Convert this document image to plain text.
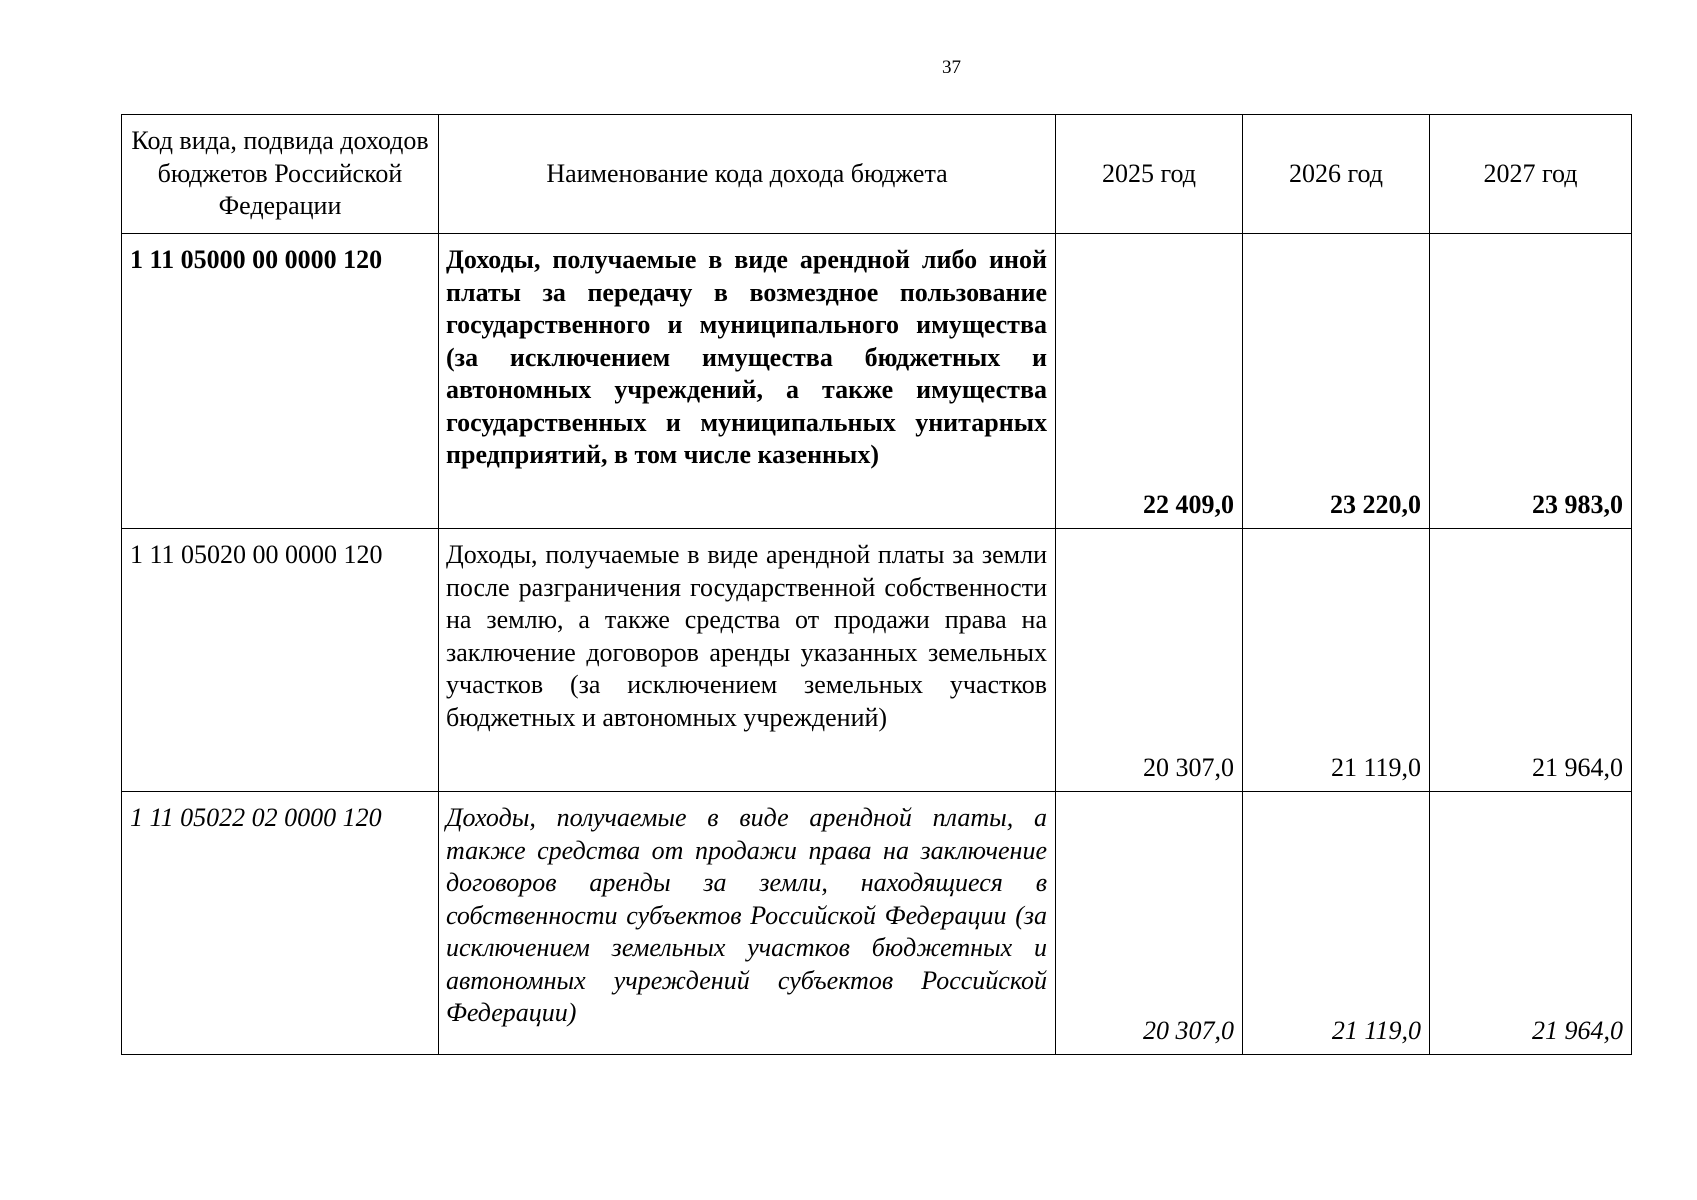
37
Код вида, подвида доходов бюджетов Российской Федерации	Наименование кода дохода бюджета	2025 год	2026 год	2027 год
1 11 05000 00 0000 120	Доходы, получаемые в виде арендной либо иной платы за передачу в возмездное пользование государственного и муниципального имущества (за исключением имущества бюджетных и автономных учреждений, а также имущества государственных и муниципальных унитарных предприятий, в том числе казенных)	22 409,0	23 220,0	23 983,0
1 11 05020 00 0000 120	Доходы, получаемые в виде арендной платы за земли после разграничения государственной собственности на землю, а также средства от продажи права на заключение договоров аренды указанных земельных участков (за исключением земельных участков бюджетных и автономных учреждений)	20 307,0	21 119,0	21 964,0
1 11 05022 02 0000 120	Доходы, получаемые в виде арендной платы, а также средства от продажи права на заключение договоров аренды за земли, находящиеся в собственности субъектов Российской Федерации (за исключением земельных участков бюджетных и автономных учреждений субъектов Российской Федерации)	20 307,0	21 119,0	21 964,0
